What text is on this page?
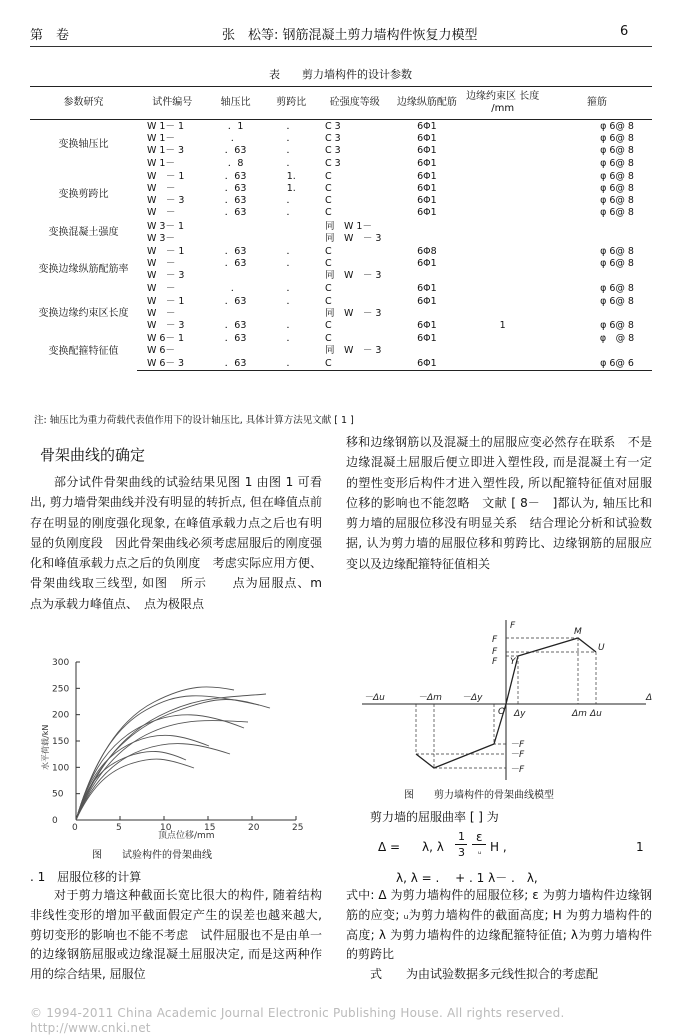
第　卷	张　松等: 钢筋混凝土剪力墙构件恢复力模型	6
表　　剪力墙构件的设计参数
参数研究	试件编号	轴压比	剪跨比	砼强度等级	边缘纵筋配筋	边缘约束区 长度 /mm	箍筋
变换轴压比	W 1－ 1	．1	．	C 3	6Φ1		φ 6@ 8
	W 1－	．	．	C 3	6Φ1		φ 6@ 8
	W 1－ 3	．63	．	C 3	6Φ1		φ 6@ 8
	W 1－	．8	．	C 3	6Φ1		φ 6@ 8
变换剪跨比	W　－ 1	．63	1.	C	6Φ1		φ 6@ 8
	W　－	．63	1.	C	6Φ1		φ 6@ 8
	W　－ 3	．63	．	C	6Φ1		φ 6@ 8
	W　－	．63	．	C	6Φ1		φ 6@ 8
变换混凝土强度	W 3－ 1			同　W 1－			
	W 3－			同　W　－ 3			
变换边缘纵筋配筋率	W　－ 1	．63	．	C	6Φ8		φ 6@ 8
	W　－	．63	．	C	6Φ1		φ 6@ 8
	W　－ 3			同　W　－ 3			
	W　－	．	．	C	6Φ1		φ 6@ 8
变换边缘约束区长度	W　－ 1	．63	．	C	6Φ1		φ 6@ 8
	W　－			同　W　－ 3			
	W　－ 3	．63	．	C	6Φ1	1	φ 6@ 8
变换配箍特征值	W 6－ 1	．63	．	C	6Φ1		φ　@ 8
	W 6－			同　W　－ 3			
	W 6－ 3	．63	．	C	6Φ1		φ 6@ 6
注: 轴压比为重力荷载代表值作用下的设计轴压比, 具体计算方法见文献 [ 1 ]
骨架曲线的确定

部分试件骨架曲线的试验结果见图 1 由图 1 可看出, 剪力墙骨架曲线并没有明显的转折点, 但在峰值点前存在明显的刚度强化现象, 在峰值承载力点之后也有明显的负刚度段　因此骨架曲线必须考虑屈服后的刚度强化和峰值承载力点之后的负刚度　考虑实际应用方便、骨架曲线取三线型, 如图　所示　　点为屈服点、m　点为承载力峰值点、　点为极限点

移和边缘钢筋以及混凝土的屈服应变必然存在联系　不是边缘混凝土屈服后便立即进入塑性段, 而是混凝土有一定的塑性变形后构件才进入塑性段, 所以配箍特征值对屈服位移的影响也不能忽略　文献 [ 8－　]都认为, 轴压比和剪力墙的屈服位移没有明显关系　结合理论分析和试验数据, 认为剪力墙的屈服位移和剪跨比、边缘钢筋的屈服应变以及边缘配箍特征值相关

300
250
200
150
100
50
0
0	5	10	15	20	25
水平荷载/kN
顶点位移/mm
图　　试验构件的骨架曲线
F
F
F
F Y
M
U
O
－Δu	－Δm －Δy
Δy	Δm Δu
Δ
－F
－F
－F
图　　剪力墙构件的骨架曲线模型
剪力墙的屈服曲率 [ ] 为
Δ = λ, λ
1
3
ε
ᵤ H ,	1
λ, λ = .　 + . 1 λ－ .　λ,

式中: Δ 为剪力墙构件的屈服位移; ε 为剪力墙构件边缘钢筋的应变; ᵤ为剪力墙构件的截面高度; H 为剪力墙构件的高度; λ 为剪力墙构件的边缘配箍特征值; λ为剪力墙构件的剪跨比

式　　为由试验数据多元线性拟合的考虑配

. 1　屈服位移的计算

对于剪力墙这种截面长宽比很大的构件, 随着结构非线性变形的增加平截面假定产生的误差也越来越大, 剪切变形的影响也不能不考虑　试件屈服也不是由单一的边缘钢筋屈服或边缘混凝土屈服决定, 而是这两种作用的综合结果, 屈服位

© 1994-2011 China Academic Journal Electronic Publishing House. All rights reserved.　　http://www.cnki.net
